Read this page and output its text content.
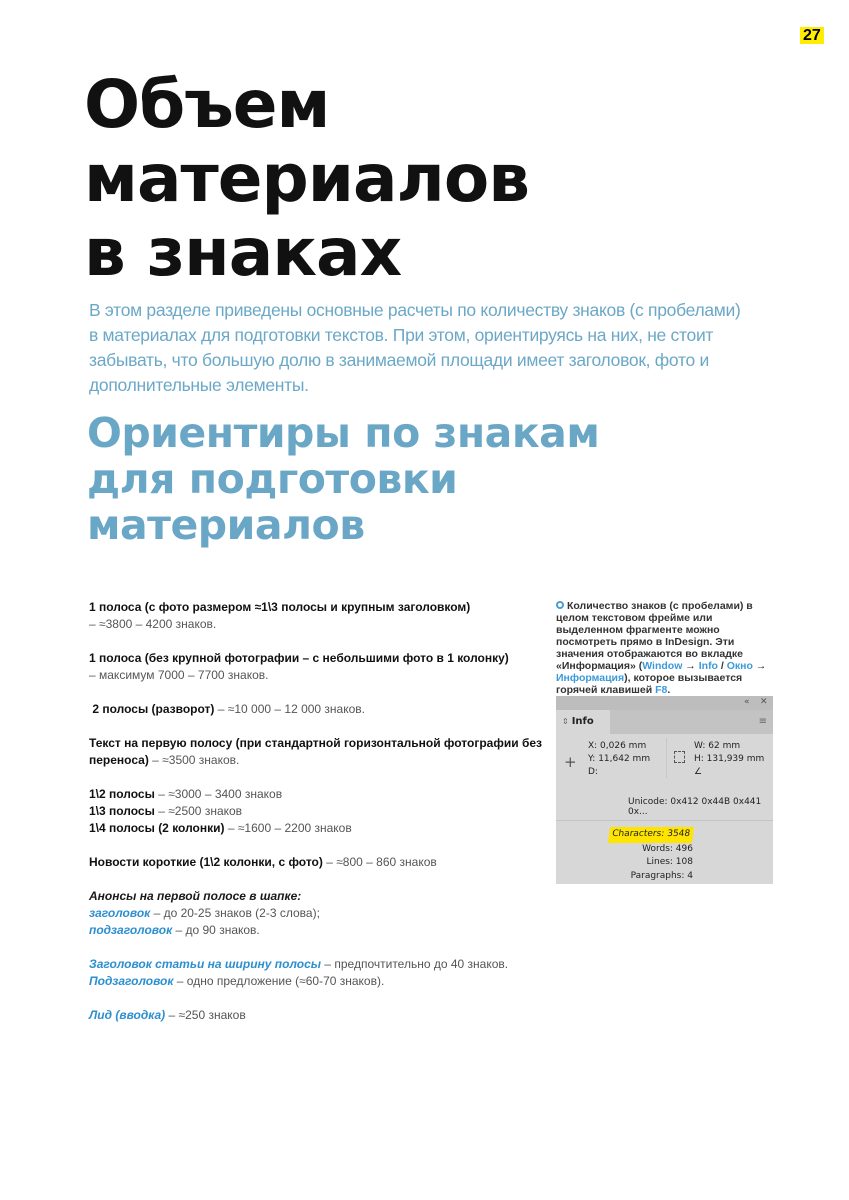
27
Объем
материалов
в знаках

В этом разделе приведены основные расчеты по количеству знаков (с пробелами) в материалах для подготовки текстов. При этом, ориентируясь на них, не стоит забывать, что большую долю в занимаемой площади имеет заголовок, фото и дополнительные элементы.

Ориентиры по знакам
для подготовки
материалов

1 полоса (с фото размером ≈1\3 полосы и крупным заголовком)

– ≈3800 – 4200 знаков.

1 полоса (без крупной фотографии – с небольшими фото в 1 колонку)

– максимум 7000 – 7700 знаков.

2 полосы (разворот) – ≈10 000 – 12 000 знаков.

Текст на первую полосу (при стандартной горизонтальной фотографии без переноса) – ≈3500 знаков.

1\2 полосы – ≈3000 – 3400 знаков

1\3 полосы – ≈2500 знаков

1\4 полосы (2 колонки) – ≈1600 – 2200 знаков

Новости короткие (1\2 колонки, с фото) – ≈800 – 860 знаков

Анонсы на первой полосе в шапке:

заголовок – до 20-25 знаков (2-3 слова);

подзаголовок – до 90 знаков.

Заголовок статьи на ширину полосы – предпочтительно до 40 знаков.

Подзаголовок – одно предложение (≈60-70 знаков).

Лид (вводка) – ≈250 знаков

Количество знаков (с пробелами) в целом текстовом фрейме или выделенном фрагменте можно посмотреть прямо в InDesign. Эти значения отображаются во вкладке «Информация» (Window → Info / Окно → Информация), которое вызывается горячей клавишей F8.
« ✕
⇕ Info	≡
+
X: 0,026 mm
Y: 11,642 mm
D:
W: 62 mm
H: 131,939 mm
∠
Unicode: 0x412 0x44B 0x441 0x...
Characters: 3548
Words: 496
Lines: 108
Paragraphs: 4
